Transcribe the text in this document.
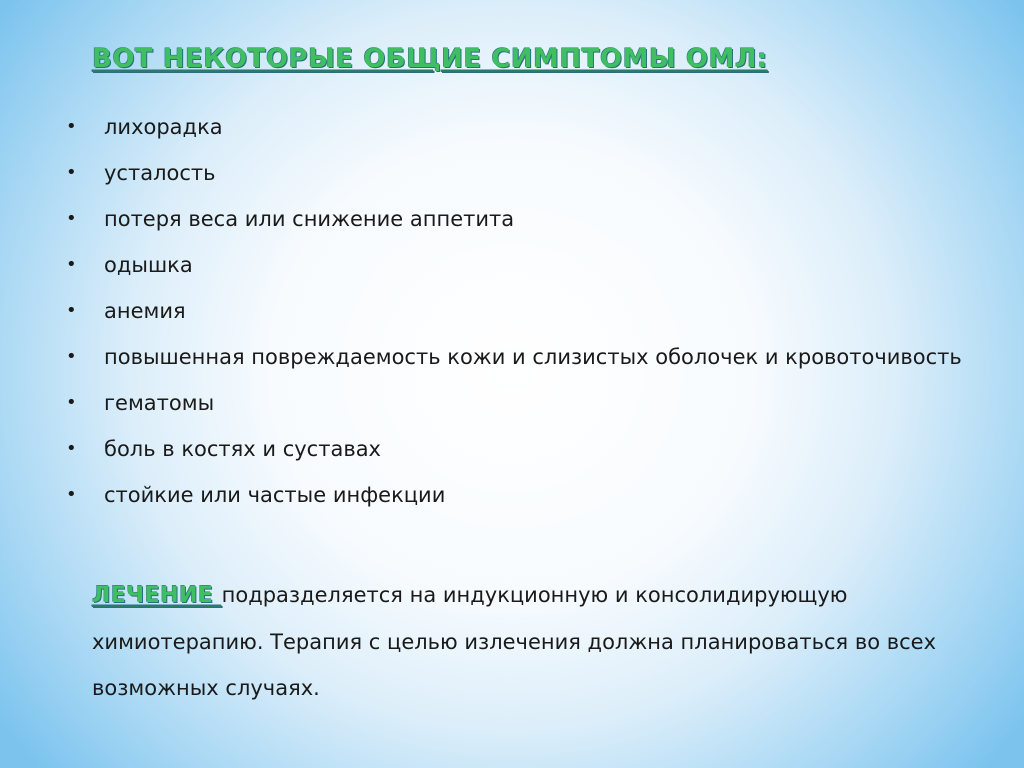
ВОТ НЕКОТОРЫЕ ОБЩИЕ СИМПТОМЫ ОМЛ:
• лихорадка
• усталость
• потеря веса или снижение аппетита
• одышка
• анемия
• повышенная повреждаемость кожи и слизистых оболочек и кровоточивость
• гематомы
• боль в костях и суставах
• стойкие или частые инфекции

ЛЕЧЕНИЕ подразделяется на индукционную и консолидирующую химиотерапию. Терапия с целью излечения должна планироваться во всех возможных случаях.
